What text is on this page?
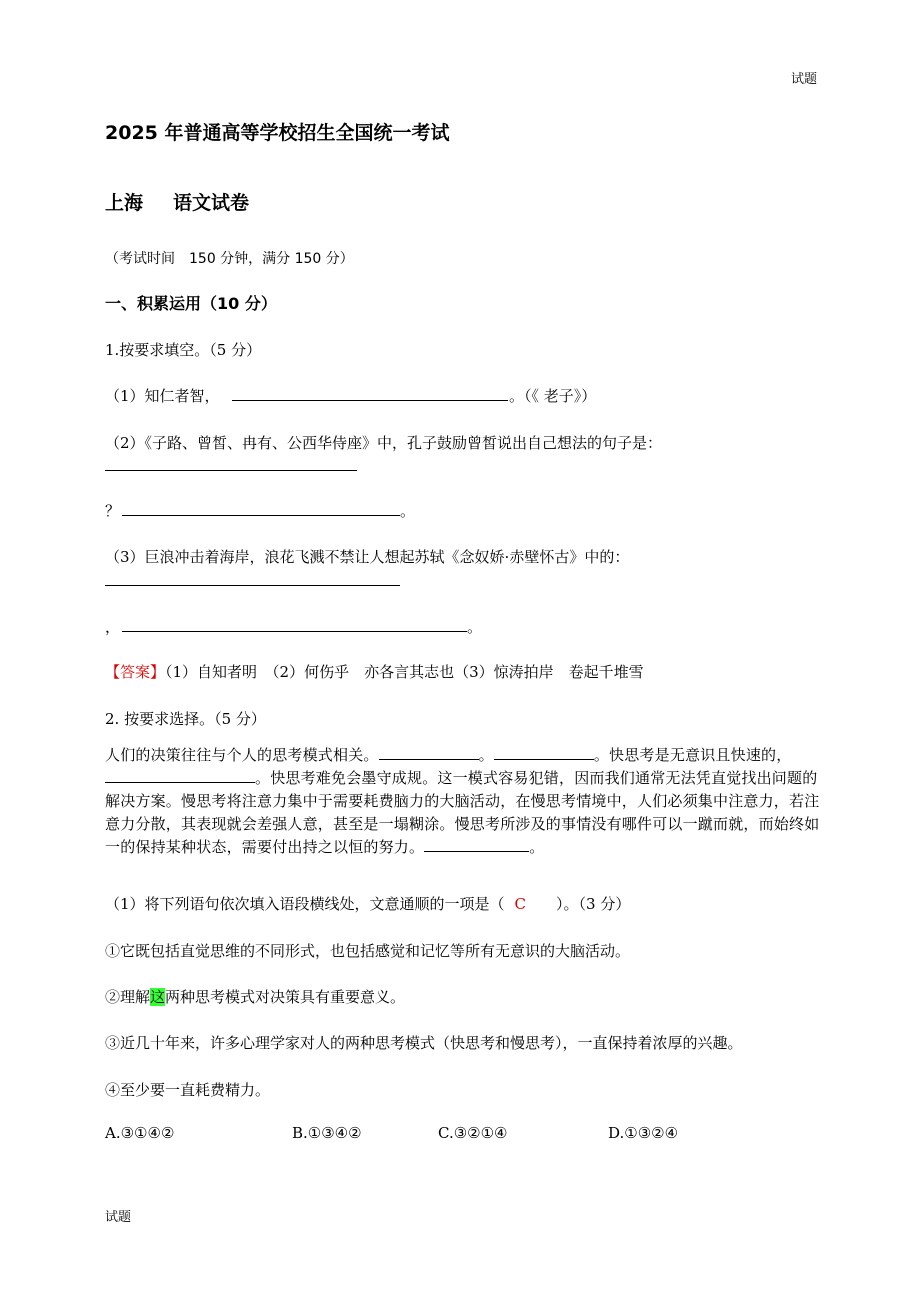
试题
试题
2025 年普通高等学校招生全国统一考试
上海 语文试卷
（考试时间　150 分钟，满分 150 分）
一、积累运用（10 分）
1.按要求填空。（5 分）
（1）知仁者智，	。（《 老子》）
（2）《子路、曾皙、冉有、公西华侍座》中，孔子鼓励曾皙说出自己想法的句子是：
？	。
（3）巨浪冲击着海岸，浪花飞溅不禁让人想起苏轼《念奴娇·赤壁怀古》中的：
，	。
【答案】（1）自知者明　（2）何伤乎　亦各言其志也（3）惊涛拍岸　卷起千堆雪
2. 按要求选择。（5 分）
人们的决策往往与个人的思考模式相关。	。	。快思考是无意识且快速的，。快思考难免会墨守成规。这一模式容易犯错，因而我们通常无法凭直觉找出问题的解决方案。慢思考将注意力集中于需要耗费脑力的大脑活动，在慢思考情境中，人们必须集中注意力，若注意力分散，其表现就会差强人意，甚至是一塌糊涂。慢思考所涉及的事情没有哪件可以一蹴而就，而始终如一的保持某种状态，需要付出持之以恒的努力。	。
（1）将下列语句依次填入语段横线处，文意通顺的一项是（ C ）。（3 分）
①它既包括直觉思维的不同形式，也包括感觉和记忆等所有无意识的大脑活动。
②理解这两种思考模式对决策具有重要意义。
③近几十年来，许多心理学家对人的两种思考模式（快思考和慢思考），一直保持着浓厚的兴趣。
④至少要一直耗费精力。
A.③①④②	B.①③④②	C.③②①④	D.①③②④
